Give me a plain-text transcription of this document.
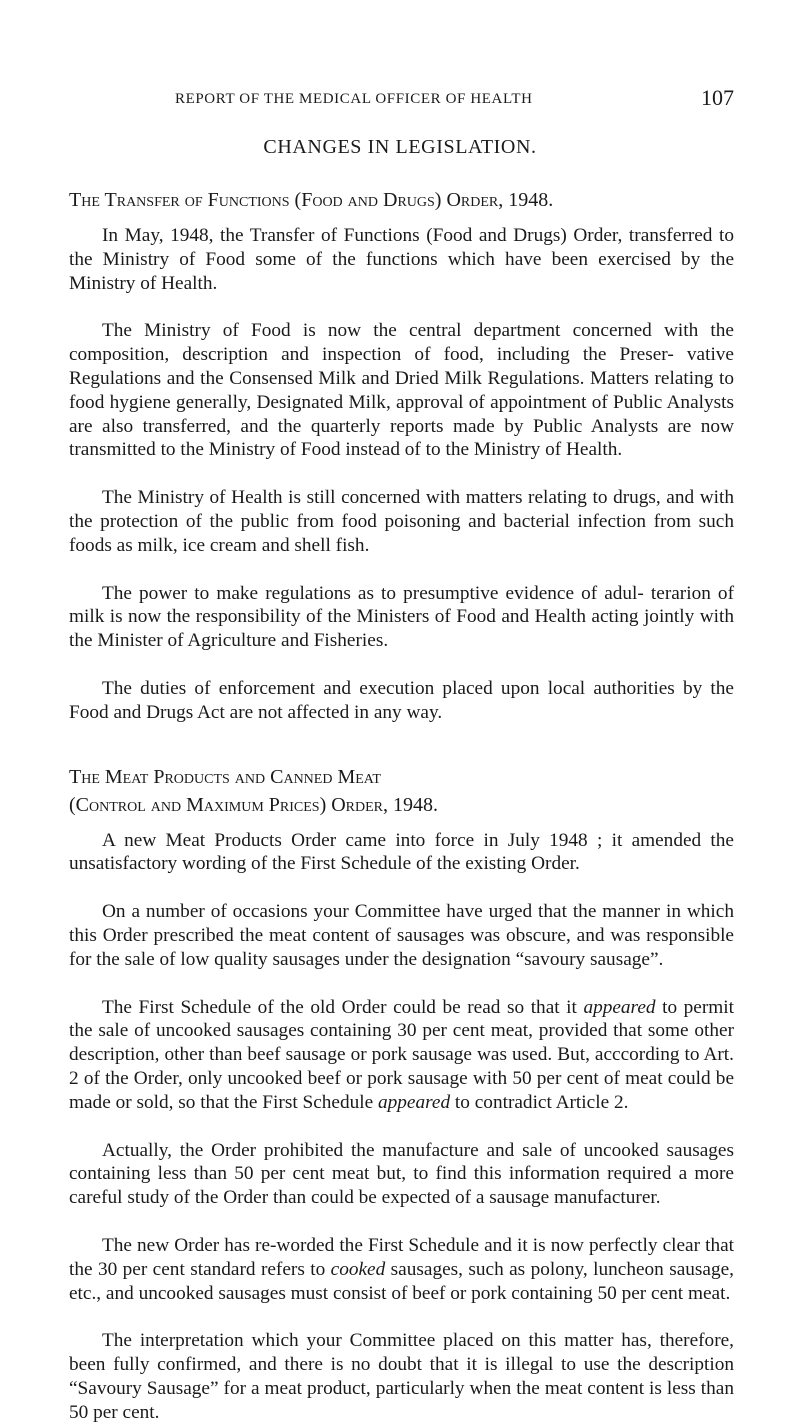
REPORT OF THE MEDICAL OFFICER OF HEALTH	107
CHANGES IN LEGISLATION.

The Transfer of Functions (Food and Drugs) Order, 1948.

In May, 1948, the Transfer of Functions (Food and Drugs) Order, transferred to the Ministry of Food some of the functions which have been exercised by the Ministry of Health.

The Ministry of Food is now the central department concerned with the composition, description and inspection of food, including the Preser- vative Regulations and the Consensed Milk and Dried Milk Regulations. Matters relating to food hygiene generally, Designated Milk, approval of appointment of Public Analysts are also transferred, and the quarterly reports made by Public Analysts are now transmitted to the Ministry of Food instead of to the Ministry of Health.

The Ministry of Health is still concerned with matters relating to drugs, and with the protection of the public from food poisoning and bacterial infection from such foods as milk, ice cream and shell fish.

The power to make regulations as to presumptive evidence of adul- terarion of milk is now the responsibility of the Ministers of Food and Health acting jointly with the Minister of Agriculture and Fisheries.

The duties of enforcement and execution placed upon local authorities by the Food and Drugs Act are not affected in any way.

The Meat Products and Canned Meat

(Control and Maximum Prices) Order, 1948.

A new Meat Products Order came into force in July 1948 ; it amended the unsatisfactory wording of the First Schedule of the existing Order.

On a number of occasions your Committee have urged that the manner in which this Order prescribed the meat content of sausages was obscure, and was responsible for the sale of low quality sausages under the designation “savoury sausage”.

The First Schedule of the old Order could be read so that it appeared to permit the sale of uncooked sausages containing 30 per cent meat, provided that some other description, other than beef sausage or pork sausage was used. But, acccording to Art. 2 of the Order, only uncooked beef or pork sausage with 50 per cent of meat could be made or sold, so that the First Schedule appeared to contradict Article 2.

Actually, the Order prohibited the manufacture and sale of uncooked sausages containing less than 50 per cent meat but, to find this information required a more careful study of the Order than could be expected of a sausage manufacturer.

The new Order has re-worded the First Schedule and it is now perfectly clear that the 30 per cent standard refers to cooked sausages, such as polony, luncheon sausage, etc., and uncooked sausages must consist of beef or pork containing 50 per cent meat.

The interpretation which your Committee placed on this matter has, therefore, been fully confirmed, and there is no doubt that it is illegal to use the description “Savoury Sausage” for a meat product, particularly when the meat content is less than 50 per cent.
